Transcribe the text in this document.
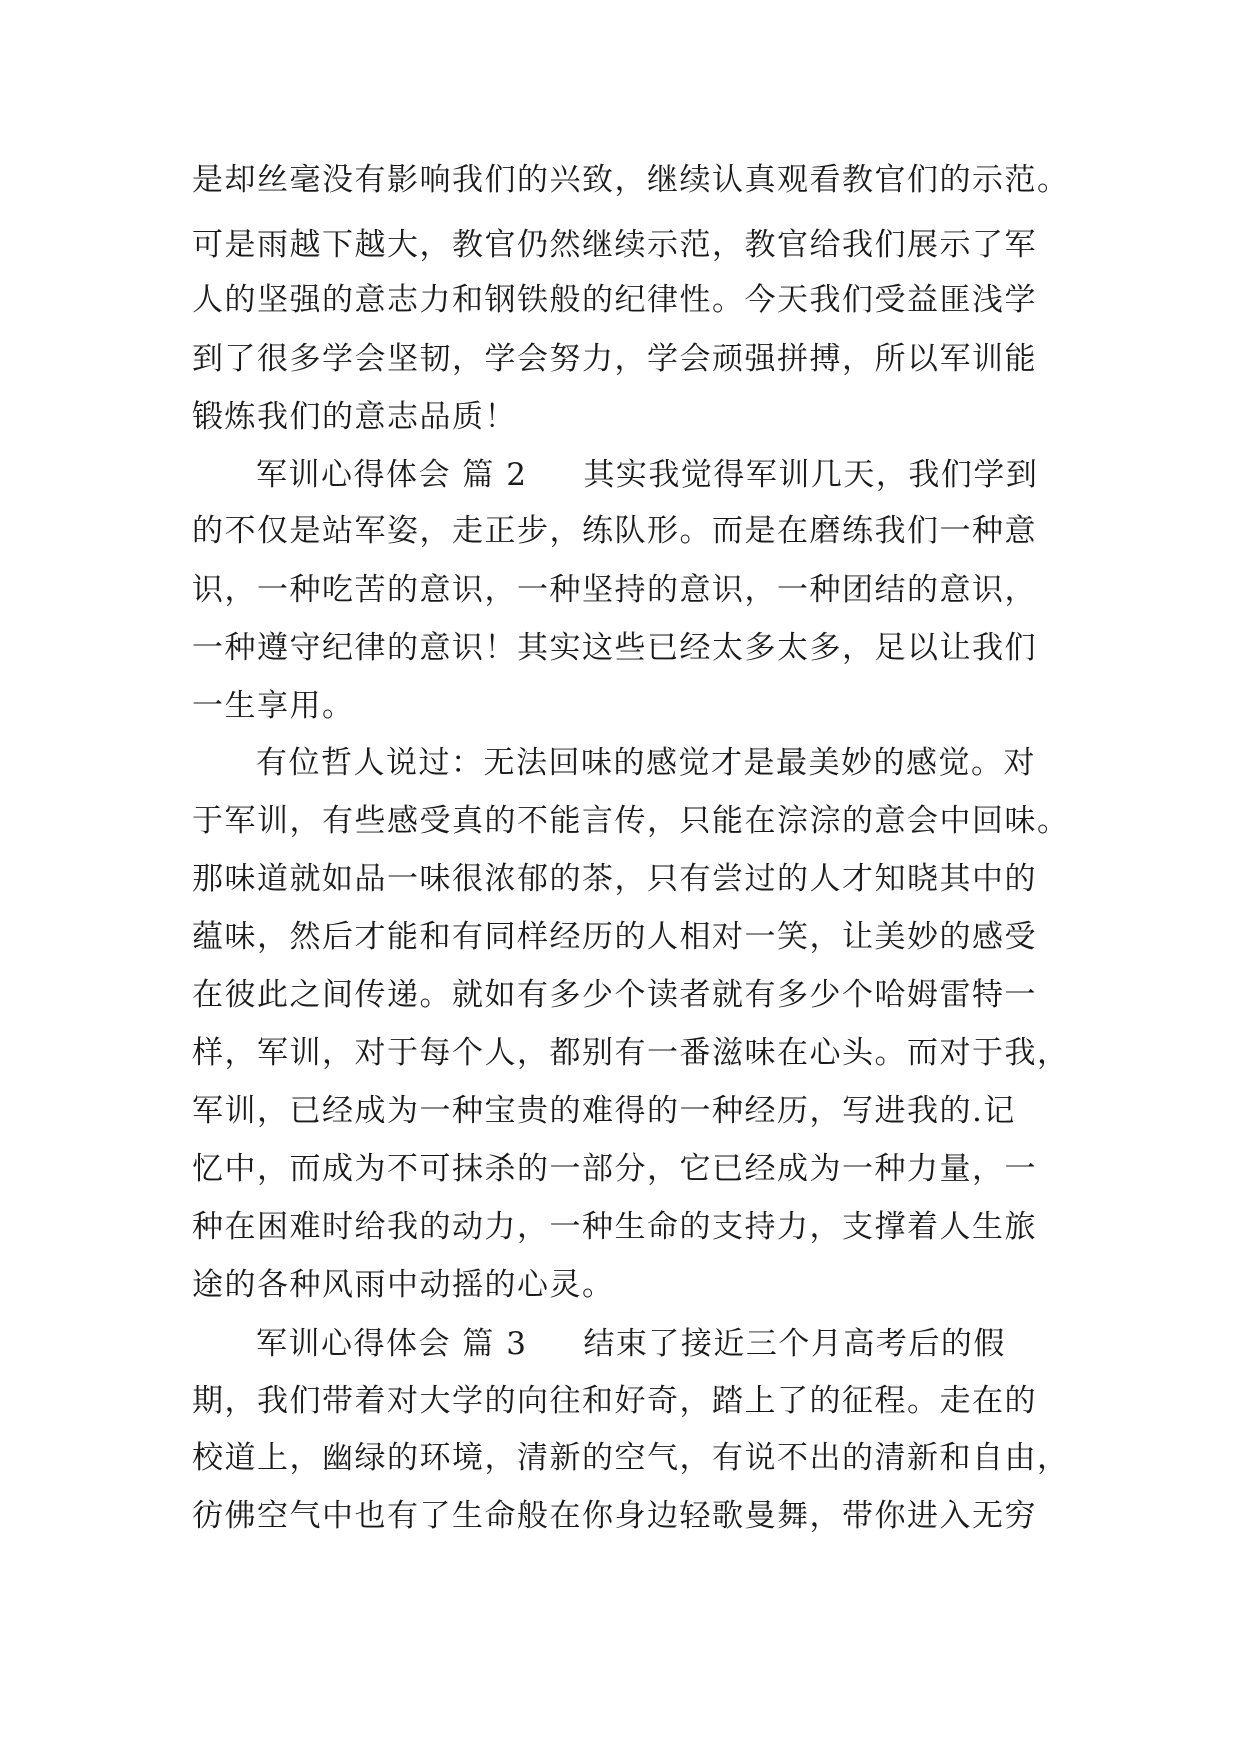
是却丝毫没有影响我们的兴致，继续认真观看教官们的示范。
可是雨越下越大，教官仍然继续示范，教官给我们展示了军
人的坚强的意志力和钢铁般的纪律性。今天我们受益匪浅学
到了很多学会坚韧，学会努力，学会顽强拼搏，所以军训能
锻炼我们的意志品质！
军训心得体会 篇 2 其实我觉得军训几天，我们学到
的不仅是站军姿，走正步，练队形。而是在磨练我们一种意
识，一种吃苦的意识，一种坚持的意识，一种团结的意识，
一种遵守纪律的意识！其实这些已经太多太多，足以让我们
一生享用。
有位哲人说过：无法回味的感觉才是最美妙的感觉。对
于军训，有些感受真的不能言传，只能在淙淙的意会中回味。
那味道就如品一味很浓郁的茶，只有尝过的人才知晓其中的
蕴味，然后才能和有同样经历的人相对一笑，让美妙的感受
在彼此之间传递。就如有多少个读者就有多少个哈姆雷特一
样，军训，对于每个人，都别有一番滋味在心头。而对于我，
军训，已经成为一种宝贵的难得的一种经历，写进我的.记
忆中，而成为不可抹杀的一部分，它已经成为一种力量，一
种在困难时给我的动力，一种生命的支持力，支撑着人生旅
途的各种风雨中动摇的心灵。
军训心得体会 篇 3 结束了接近三个月高考后的假
期，我们带着对大学的向往和好奇，踏上了的征程。走在的
校道上，幽绿的环境，清新的空气，有说不出的清新和自由，
彷佛空气中也有了生命般在你身边轻歌曼舞，带你进入无穷
